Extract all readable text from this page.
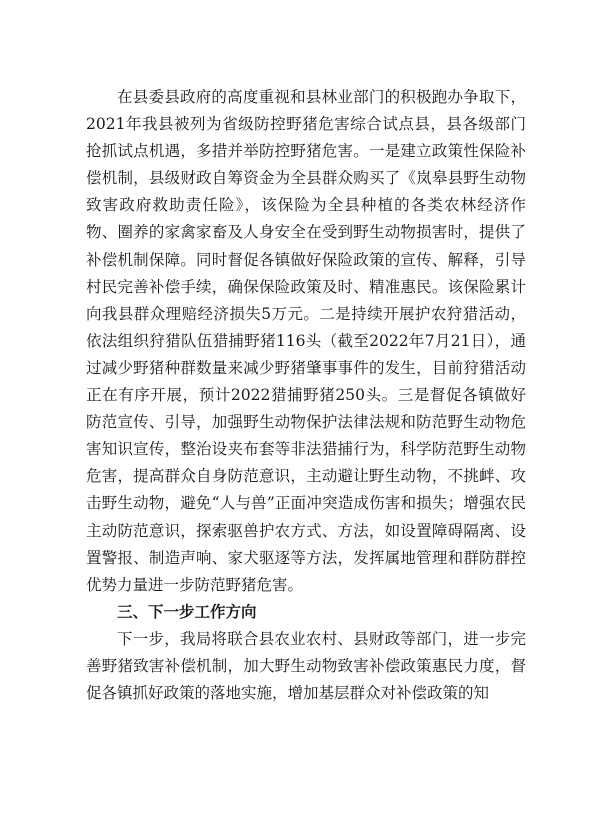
在县委县政府的高度重视和县林业部门的积极跑办争取下，2021年我县被列为省级防控野猪危害综合试点县，县各级部门抢抓试点机遇，多措并举防控野猪危害。一是建立政策性保险补偿机制，县级财政自筹资金为全县群众购买了《岚皋县野生动物致害政府救助责任险》，该保险为全县种植的各类农林经济作物、圈养的家禽家畜及人身安全在受到野生动物损害时，提供了补偿机制保障。同时督促各镇做好保险政策的宣传、解释，引导村民完善补偿手续，确保保险政策及时、精准惠民。该保险累计向我县群众理赔经济损失5万元。二是持续开展护农狩猎活动，依法组织狩猎队伍猎捕野猪116头（截至2022年7月21日），通过减少野猪种群数量来减少野猪肇事事件的发生，目前狩猎活动正在有序开展，预计2022猎捕野猪250头。三是督促各镇做好防范宣传、引导，加强野生动物保护法律法规和防范野生动物危害知识宣传，整治设夹布套等非法猎捕行为，科学防范野生动物危害，提高群众自身防范意识，主动避让野生动物，不挑衅、攻击野生动物，避免“人与兽”正面冲突造成伤害和损失；增强农民主动防范意识，探索驱兽护农方式、方法，如设置障碍隔离、设置警报、制造声响、家犬驱逐等方法，发挥属地管理和群防群控优势力量进一步防范野猪危害。

三、下一步工作方向

下一步，我局将联合县农业农村、县财政等部门，进一步完善野猪致害补偿机制，加大野生动物致害补偿政策惠民力度，督促各镇抓好政策的落地实施，增加基层群众对补偿政策的知
